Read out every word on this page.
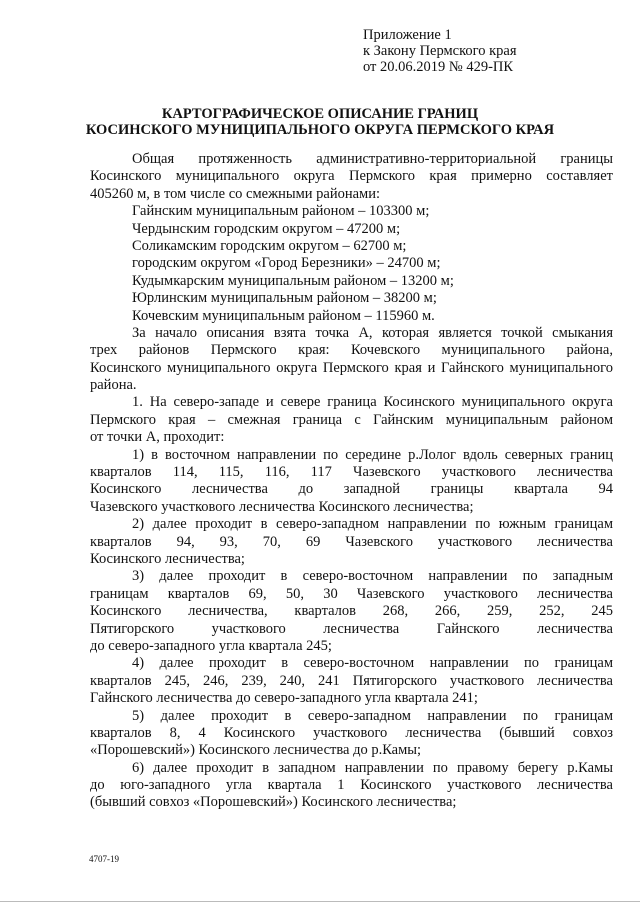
Приложение 1
к Закону Пермского края
от 20.06.2019 № 429-ПК
КАРТОГРАФИЧЕСКОЕ ОПИСАНИЕ ГРАНИЦ
КОСИНСКОГО МУНИЦИПАЛЬНОГО ОКРУГА ПЕРМСКОГО КРАЯ
Общая протяженность административно-территориальной границы
Косинского муниципального округа Пермского края примерно составляет
405260 м, в том числе со смежными районами:
Гайнским муниципальным районом – 103300 м;
Чердынским городским округом – 47200 м;
Соликамским городским округом – 62700 м;
городским округом «Город Березники» – 24700 м;
Кудымкарским муниципальным районом – 13200 м;
Юрлинским муниципальным районом – 38200 м;
Кочевским муниципальным районом – 115960 м.
За начало описания взята точка А, которая является точкой смыкания
трех районов Пермского края: Кочевского муниципального района,
Косинского муниципального округа Пермского края и Гайнского муниципального
района.
1. На северо-западе и севере граница Косинского муниципального округа
Пермского края – смежная граница с Гайнским муниципальным районом
от точки А, проходит:
1) в восточном направлении по середине р.Лолог вдоль северных границ
кварталов 114, 115, 116, 117 Чазевского участкового лесничества
Косинского лесничества до западной границы квартала 94
Чазевского участкового лесничества Косинского лесничества;
2) далее проходит в северо-западном направлении по южным границам
кварталов 94, 93, 70, 69 Чазевского участкового лесничества
Косинского лесничества;
3) далее проходит в северо-восточном направлении по западным
границам кварталов 69, 50, 30 Чазевского участкового лесничества
Косинского лесничества, кварталов 268, 266, 259, 252, 245
Пятигорского участкового лесничества Гайнского лесничества
до северо-западного угла квартала 245;
4) далее проходит в северо-восточном направлении по границам
кварталов 245, 246, 239, 240, 241 Пятигорского участкового лесничества
Гайнского лесничества до северо-западного угла квартала 241;
5) далее проходит в северо-западном направлении по границам
кварталов 8, 4 Косинского участкового лесничества (бывший совхоз
«Порошевский») Косинского лесничества до р.Камы;
6) далее проходит в западном направлении по правому берегу р.Камы
до юго-западного угла квартала 1 Косинского участкового лесничества
(бывший совхоз «Порошевский») Косинского лесничества;
4707-19
